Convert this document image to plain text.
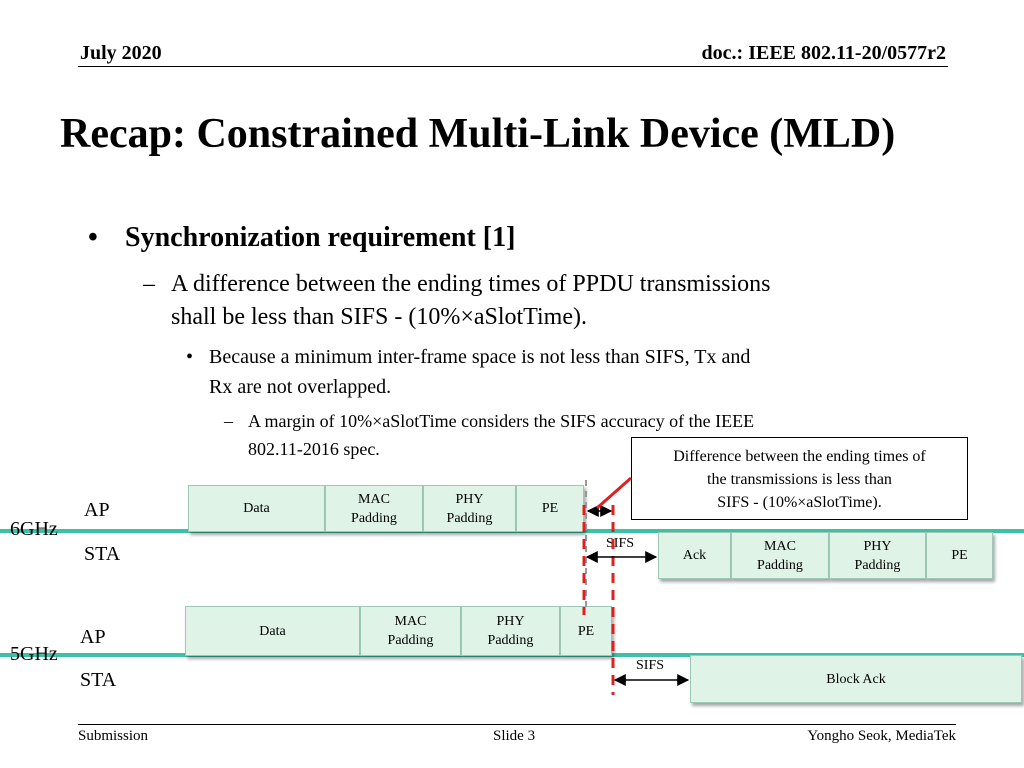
July 2020	doc.: IEEE 802.11-20/0577r2
Recap: Constrained Multi-Link Device (MLD)
• Synchronization requirement [1]
– A difference between the ending times of PPDU transmissions
shall be less than SIFS - (10%×aSlotTime).
• Because a minimum inter-frame space is not less than SIFS, Tx and
Rx are not overlapped.
– A margin of 10%×aSlotTime considers the SIFS accuracy of the IEEE
802.11-2016 spec.	Difference between the ending times of
the transmissions is less than
SIFS - (10%×aSlotTime).
6GHz
AP
STA
5GHz
AP
STA
Data
MAC
Padding
PHY
Padding
PE
Ack
MAC
Padding
PHY
Padding
PE
Data
MAC
Padding
PHY
Padding
PE
Block Ack
SIFS
SIFS
Submission	Slide 3	Yongho Seok, MediaTek
